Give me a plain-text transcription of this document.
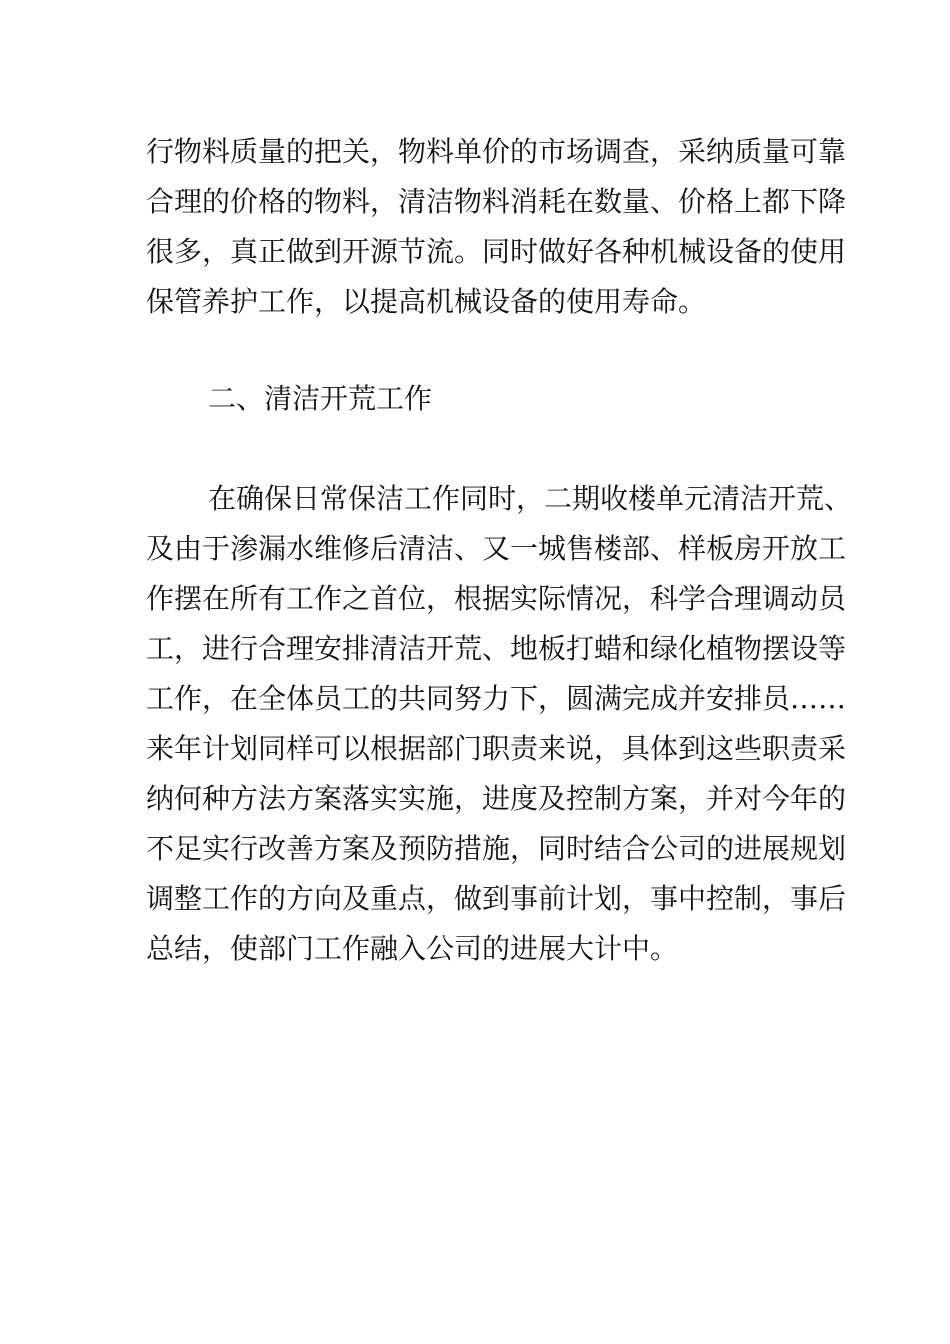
行物料质量的把关，物料单价的市场调查，采纳质量可靠
合理的价格的物料，清洁物料消耗在数量、价格上都下降
很多，真正做到开源节流。同时做好各种机械设备的使用
保管养护工作，以提高机械设备的使用寿命。
二、清洁开荒工作
在确保日常保洁工作同时，二期收楼单元清洁开荒、
及由于渗漏水维修后清洁、又一城售楼部、样板房开放工
作摆在所有工作之首位，根据实际情况，科学合理调动员
工，进行合理安排清洁开荒、地板打蜡和绿化植物摆设等
工作，在全体员工的共同努力下，圆满完成并安排员……
来年计划同样可以根据部门职责来说，具体到这些职责采
纳何种方法方案落实实施，进度及控制方案，并对今年的
不足实行改善方案及预防措施，同时结合公司的进展规划
调整工作的方向及重点，做到事前计划，事中控制，事后
总结，使部门工作融入公司的进展大计中。
